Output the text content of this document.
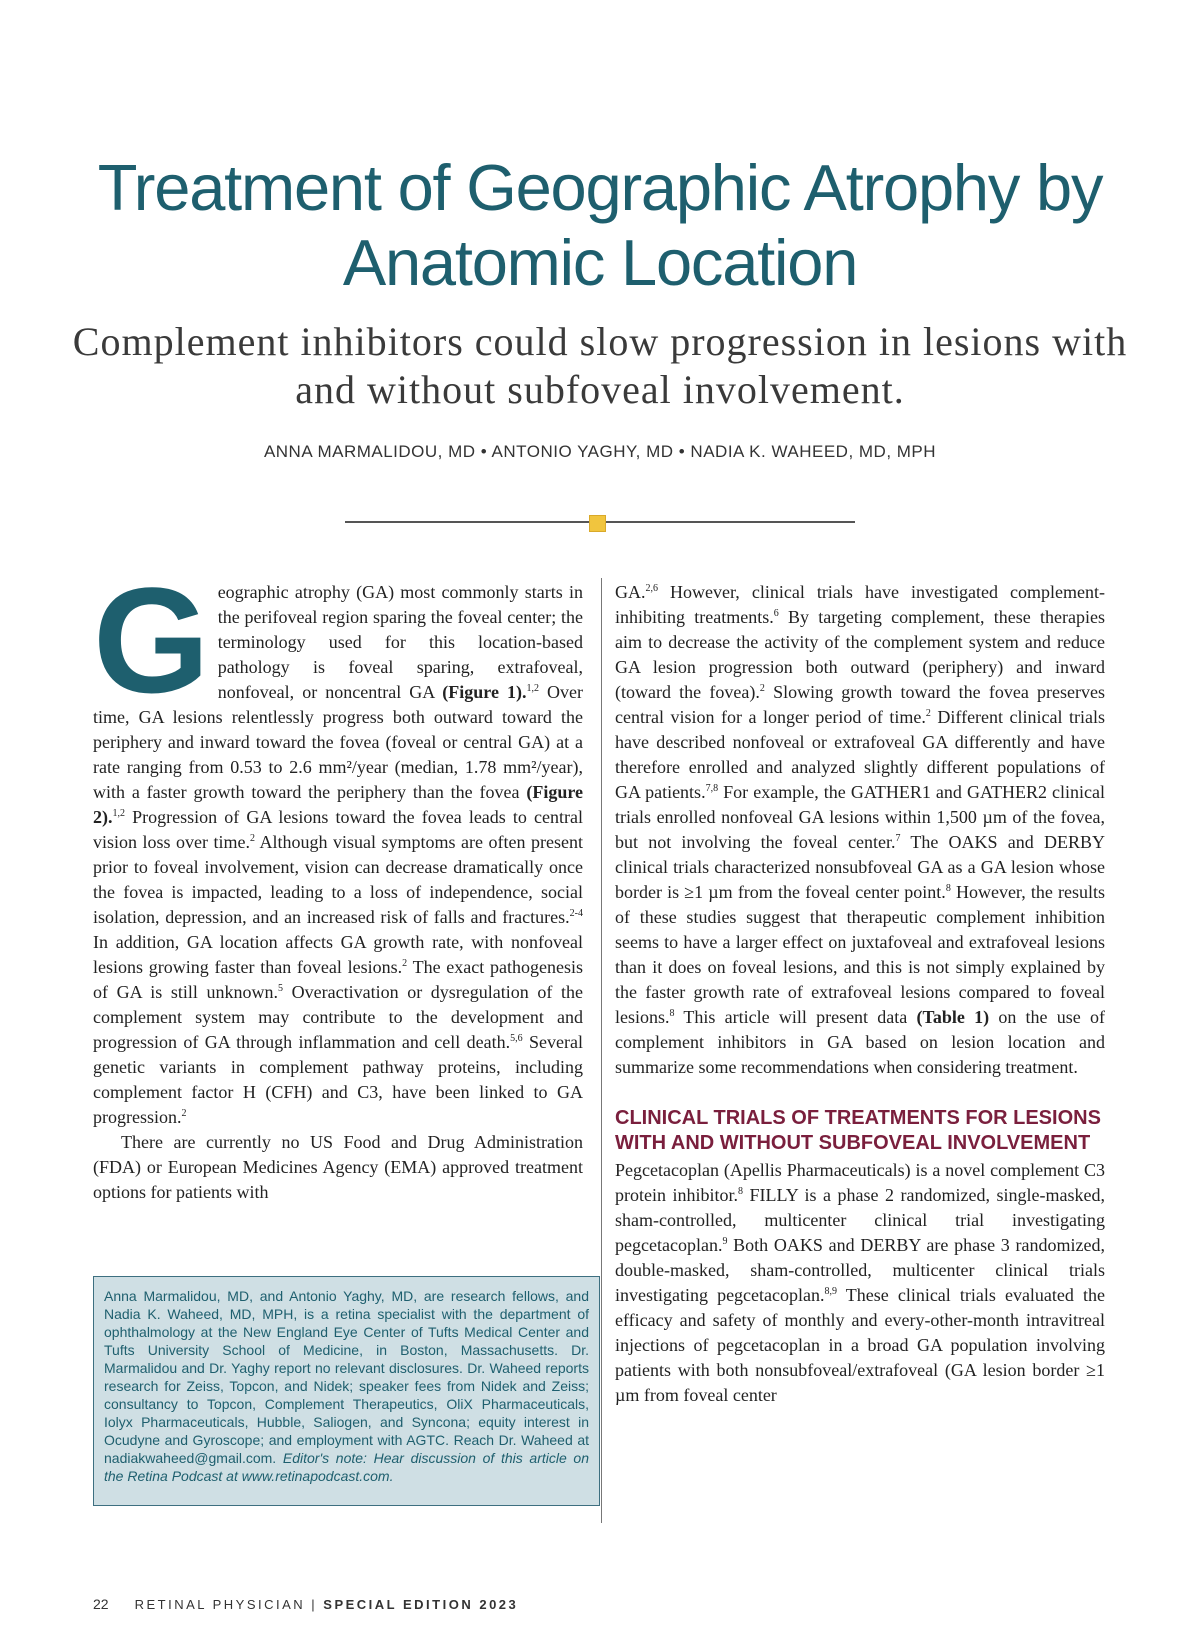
Treatment of Geographic Atrophy by Anatomic Location
Complement inhibitors could slow progression in lesions with and without subfoveal involvement.
ANNA MARMALIDOU, MD • ANTONIO YAGHY, MD • NADIA K. WAHEED, MD, MPH

Geographic atrophy (GA) most commonly starts in the perifoveal region sparing the foveal center; the terminology used for this location-based pathology is foveal sparing, extrafoveal, nonfoveal, or noncentral GA (Figure 1).$^{1,2}$ Over time, GA lesions relentlessly progress both outward toward the periphery and inward toward the fovea (foveal or central GA) at a rate ranging from 0.53 to 2.6 mm²/year (median, 1.78 mm²/year), with a faster growth toward the periphery than the fovea (Figure 2).$^{1,2}$ Progression of GA lesions toward the fovea leads to central vision loss over time.$^2$ Although visual symptoms are often present prior to foveal involvement, vision can decrease dramatically once the fovea is impacted, leading to a loss of independence, social isolation, depression, and an increased risk of falls and fractures.$^{2-4}$ In addition, GA location affects GA growth rate, with nonfoveal lesions growing faster than foveal lesions.$^2$ The exact pathogenesis of GA is still unknown.$^5$ Overactivation or dysregulation of the complement system may contribute to the development and progression of GA through inflammation and cell death.$^{5,6}$ Several genetic variants in complement pathway proteins, including complement factor H (CFH) and C3, have been linked to GA progression.$^2$

There are currently no US Food and Drug Administration (FDA) or European Medicines Agency (EMA) approved treatment options for patients with

Anna Marmalidou, MD, and Antonio Yaghy, MD, are research fellows, and Nadia K. Waheed, MD, MPH, is a retina specialist with the department of ophthalmology at the New England Eye Center of Tufts Medical Center and Tufts University School of Medicine, in Boston, Massachusetts. Dr. Marmalidou and Dr. Yaghy report no relevant disclosures. Dr. Waheed reports research for Zeiss, Topcon, and Nidek; speaker fees from Nidek and Zeiss; consultancy to Topcon, Complement Therapeutics, OliX Pharmaceuticals, Iolyx Pharmaceuticals, Hubble, Saliogen, and Syncona; equity interest in Ocudyne and Gyroscope; and employment with AGTC. Reach Dr. Waheed at nadiakwaheed@gmail.com. Editor's note: Hear discussion of this article on the Retina Podcast at www.retinapodcast.com.

GA.$^{2,6}$ However, clinical trials have investigated complement-inhibiting treatments.$^6$ By targeting complement, these therapies aim to decrease the activity of the complement system and reduce GA lesion progression both outward (periphery) and inward (toward the fovea).$^2$ Slowing growth toward the fovea preserves central vision for a longer period of time.$^2$ Different clinical trials have described nonfoveal or extrafoveal GA differently and have therefore enrolled and analyzed slightly different populations of GA patients.$^{7,8}$ For example, the GATHER1 and GATHER2 clinical trials enrolled nonfoveal GA lesions within 1,500 µm of the fovea, but not involving the foveal center.$^7$ The OAKS and DERBY clinical trials characterized nonsubfoveal GA as a GA lesion whose border is ≥1 µm from the foveal center point.$^8$ However, the results of these studies suggest that therapeutic complement inhibition seems to have a larger effect on juxtafoveal and extrafoveal lesions than it does on foveal lesions, and this is not simply explained by the faster growth rate of extrafoveal lesions compared to foveal lesions.$^8$ This article will present data (Table 1) on the use of complement inhibitors in GA based on lesion location and summarize some recommendations when considering treatment.

CLINICAL TRIALS OF TREATMENTS FOR LESIONS WITH AND WITHOUT SUBFOVEAL INVOLVEMENT

Pegcetacoplan (Apellis Pharmaceuticals) is a novel complement C3 protein inhibitor.$^8$ FILLY is a phase 2 randomized, single-masked, sham-controlled, multicenter clinical trial investigating pegcetacoplan.$^9$ Both OAKS and DERBY are phase 3 randomized, double-masked, sham-controlled, multicenter clinical trials investigating pegcetacoplan.$^{8,9}$ These clinical trials evaluated the efficacy and safety of monthly and every-other-month intravitreal injections of pegcetacoplan in a broad GA population involving patients with both nonsubfoveal/extrafoveal (GA lesion border ≥1 µm from foveal center

22 RETINAL PHYSICIAN | SPECIAL EDITION 2023
